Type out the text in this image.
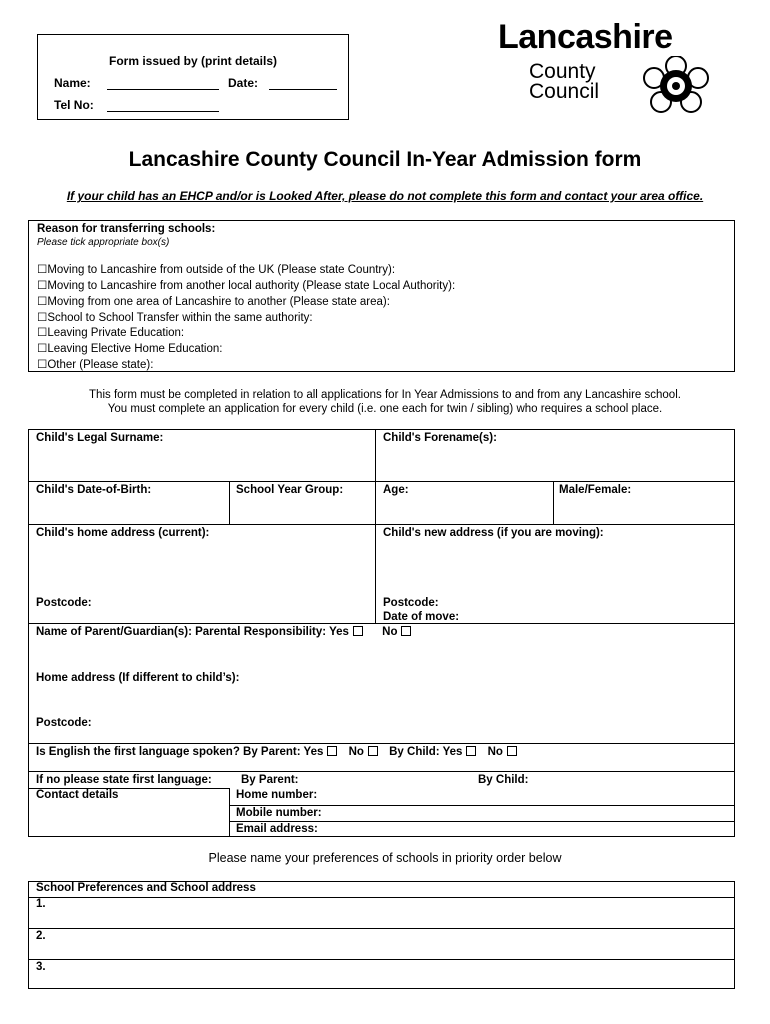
Form issued by (print details)
Name:	Date:
Tel No:
Lancashire
County
Council
Lancashire County Council In-Year Admission form
If your child has an EHCP and/or is Looked After, please do not complete this form and contact your area office.
Reason for transferring schools:
Please tick appropriate box(s)
☐Moving to Lancashire from outside of the UK (Please state Country):
☐Moving to Lancashire from another local authority (Please state Local Authority):
☐Moving from one area of Lancashire to another (Please state area):
☐School to School Transfer within the same authority:
☐Leaving Private Education:
☐Leaving Elective Home Education:
☐Other (Please state):
This form must be completed in relation to all applications for In Year Admissions to and from any Lancashire school.
You must complete an application for every child (i.e. one each for twin / sibling) who requires a school place.
Child's Legal Surname:	Child's Forename(s):
Child's Date-of-Birth:	School Year Group:	Age:	Male/Female:
Child's home address (current):	Child's new address (if you are moving):
Postcode:	Postcode:
Date of move:
Name of Parent/Guardian(s): Parental Responsibility: Yes	No
Home address (If different to child’s):
Postcode:
Is English the first language spoken? By Parent: Yes No By Child: Yes No
If no please state first language:	By Parent:	By Child:
Contact details	Home number:
Mobile number:
Email address:
Please name your preferences of schools in priority order below
School Preferences and School address
1.
2.
3.
